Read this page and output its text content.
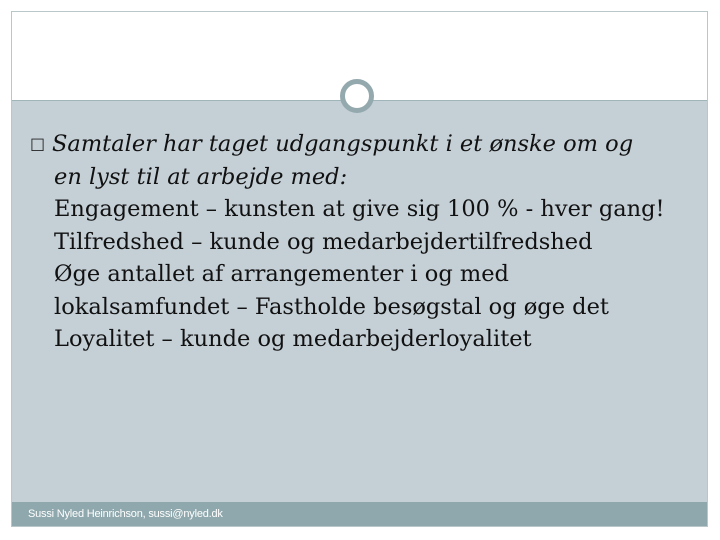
□ Samtaler har taget udgangspunkt i et ønske om og
en lyst til at arbejde med:
Engagement – kunsten at give sig 100 % - hver gang!
Tilfredshed – kunde og medarbejdertilfredshed
Øge antallet af arrangementer i og med
lokalsamfundet – Fastholde besøgstal og øge det
Loyalitet – kunde og medarbejderloyalitet
Sussi Nyled Heinrichson, sussi@nyled.dk
